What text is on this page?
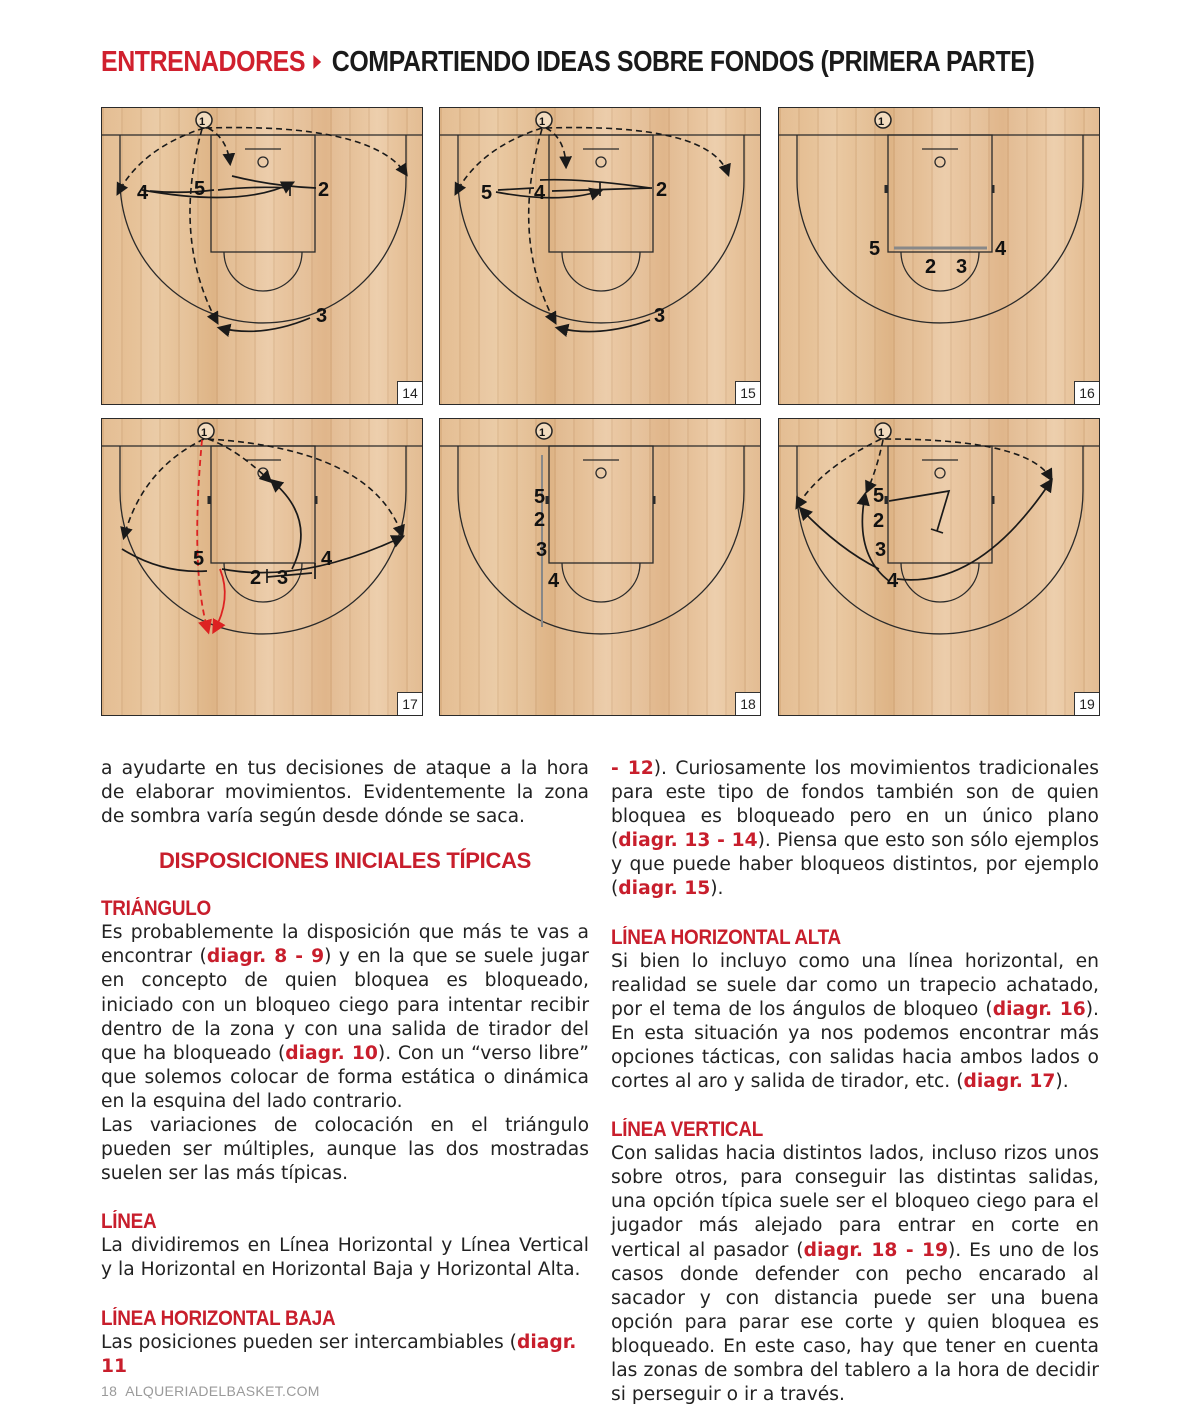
ENTRENADORES COMPARTIENDO IDEAS SOBRE FONDOS (PRIMERA PARTE)
1
4 5	2
3
14
1
5 4	2
3
15
1
5
2 3
4
16
1
5
2 3
4
17
1
5
2
3
4
18
1
5
2
3
4
19

a ayudarte en tus decisiones de ataque a la hora de elaborar movimientos. Evidentemente la zona de sombra varía según desde dónde se saca.

DISPOSICIONES INICIALES TÍPICAS
TRIÁNGULO

Es probablemente la disposición que más te vas a encontrar (diagr. 8 - 9) y en la que se suele jugar en concepto de quien bloquea es bloqueado, iniciado con un bloqueo ciego para intentar recibir dentro de la zona y con una salida de tirador del que ha bloqueado (diagr. 10). Con un “verso libre” que solemos colocar de forma estática o dinámica en la esquina del lado contrario.

Las variaciones de colocación en el triángulo pueden ser múltiples, aunque las dos mostradas suelen ser las más típicas.

LÍNEA

La dividiremos en Línea Horizontal y Línea Vertical y la Horizontal en Horizontal Baja y Horizontal Alta.

LÍNEA HORIZONTAL BAJA

Las posiciones pueden ser intercambiables (diagr. 11

- 12). Curiosamente los movimientos tradicionales para este tipo de fondos también son de quien bloquea es bloqueado pero en un único plano (diagr. 13 - 14). Piensa que esto son sólo ejemplos y que puede haber bloqueos distintos, por ejemplo (diagr. 15).

LÍNEA HORIZONTAL ALTA

Si bien lo incluyo como una línea horizontal, en realidad se suele dar como un trapecio achatado, por el tema de los ángulos de bloqueo (diagr. 16). En esta situación ya nos podemos encontrar más opciones tácticas, con salidas hacia ambos lados o cortes al aro y salida de tirador, etc. (diagr. 17).

LÍNEA VERTICAL

Con salidas hacia distintos lados, incluso rizos unos sobre otros, para conseguir las distintas salidas, una opción típica suele ser el bloqueo ciego para el jugador más alejado para entrar en corte en vertical al pasador (diagr. 18 - 19). Es uno de los casos donde defender con pecho encarado al sacador y con distancia puede ser una buena opción para parar ese corte y quien bloquea es bloqueado. En este caso, hay que tener en cuenta las zonas de sombra del tablero a la hora de decidir si perseguir o ir a través.

18 ALQUERIADELBASKET.COM
